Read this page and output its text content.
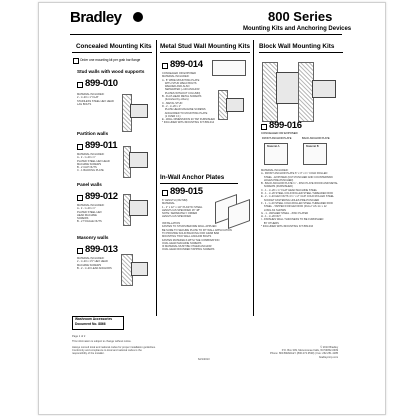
Bradley	800 Series
Mounting Kits and Anchoring Devices
Concealed Mounting Kits
Order one mounting kit per grab bar flange
Stud walls with wood supports
899-010
MATERIAL INCLUDED:
2 - ¼-20 x 1" FLAT
STAINLESS STEEL HEX HEAD
LAG BOLTS
Partition walls
899-011
MATERIAL INCLUDED:
A - 2 - ¼-20 x 1"
PLATED STEEL HEX HEAD
MACHINE SCREWS
B - 2 CLIP NUTS
C - 1 BACKING PLATE
Panel walls
899-012
MATERIAL INCLUDED:
A - 2 - ¼-20 x 1"
PLATED STEEL HEX
HEAD MACHINE
SCREWS
B - 2 TOGGLE NUTS
Masonry walls
899-013
MATERIAL INCLUDED:
2 - ¼-20 x 1½" HEX HEAD
MACHINE SCREWS
B - 2 - ¼-20 LEAD ANCHORS
Metal Stud Wall Mounting Kits
899-014
CONCEALED OR EXPOSED
MATERIAL INCLUDED:
A - 8" WIDE MOUNTING PLATE
WITH STUD WELD BOLTS
WELDED AND ALSO
SEPARATED (~100 ANCHOR
PLATES WITHOUT COLUMN)
B - FLAT-HEAD METAL SCREWS
(furnished by others)
C - METAL STUD
D - 2 - ¼-20 x 1"
PLATE HEAD MACHINE SCREWS
ANCHORED TO MOUNTING PLATE
(1 OVER 4 1)
E - WALL DIMENSIONS 20 TAP FURNISHED
* INCLUDED WITH MOUNTING KIT 899-014
In-Wall Anchor Plates
899-015
6" LENGTH (152 MM)
MATERIAL
1 - 1" x 12" x 1/2" PLASTIC STEEL
LENGTH AS SPECIFIED 16" 48"
NOTE: SEPARATELY ORDER
LENGTH AS SPECIFIED

INSTALLATION
FASTEN TO STUDS BEFORE WALL APPLIED.
BE SURE TO SECURE PLATE TO FIT WALL APPLICATION
TO PROVIDE SOLID BACKING FOR GRAB BAR
MOUNTING TWO WALL ANCHOR BOLTS
FASTEN MATERIALS WITH THE COMBINATION
OVAL HEAD MACHINE SCREWS
IF MATERIAL MUST BE OTHER ANCHOR
OVAL HEAD ROUNDED TAPPING SCREWS
Block Wall Mounting Kits
899-016
CONCEALED OR EXPOSED
FRONT ANCHOR PLATE	BACK ANCHOR PLATE
Material A	Material B
MATERIAL INCLUDED:
A - FRONT ANCHOR PLATE 6" x 3" x ¼" COLD ROLLED
STEEL - EXPOSED (CUT-PUNCHED AND COUNTERSINK
HOLES PRE-PUNCHED)
B - BACK ANCHOR PLATE ¼" - ZINC PLATE WOOD AND METAL
SCREWS (FURNISHED)
C - 1 - ¼-20 x ¼" FLAT HEAD MACHINE STEEL
D - 1 - ¼-20 STEEL COLD ROLLED STEEL THREADED ROD
E - 2 - ¼-20 HEX NUTS 4 ¼" x 2" CLIP COLD ROLLED STEEL
SOCKET FASTENING HOLES PRE-PUNCHED
F - 1 - ¼-20 STEEL COLD-ROLLED STEEL THREADED ROD
STEEL - TAPPED FOR HEX ROD (FULLY AS 1¼ x 12
LONG AS SHOWN
G - 1 - WASHER STEEL - ZINC PLATED
H - 1 - ¼-20 NUT
I - FINISHES WALL THICKNESS TO BE FURNISHED
BY OTHERS
* INCLUDED WITH MOUNTING KIT 899-016
Washroom Accessories
Document No. 8866
Page 1 of 2
This information is subject to change without notice.
Always consult local and national codes for proper installation guidelines.
Conformity and compliance to local and national codes is the
responsibility of the installer.
6/21/2013
© 2013 Bradley
P.O. Box 309, Menomonee Falls, WI 53052-0309
Phone: 800.BRADLEY (800.272.3539) | Fax: 262.251.4185
bradleycorp.com
